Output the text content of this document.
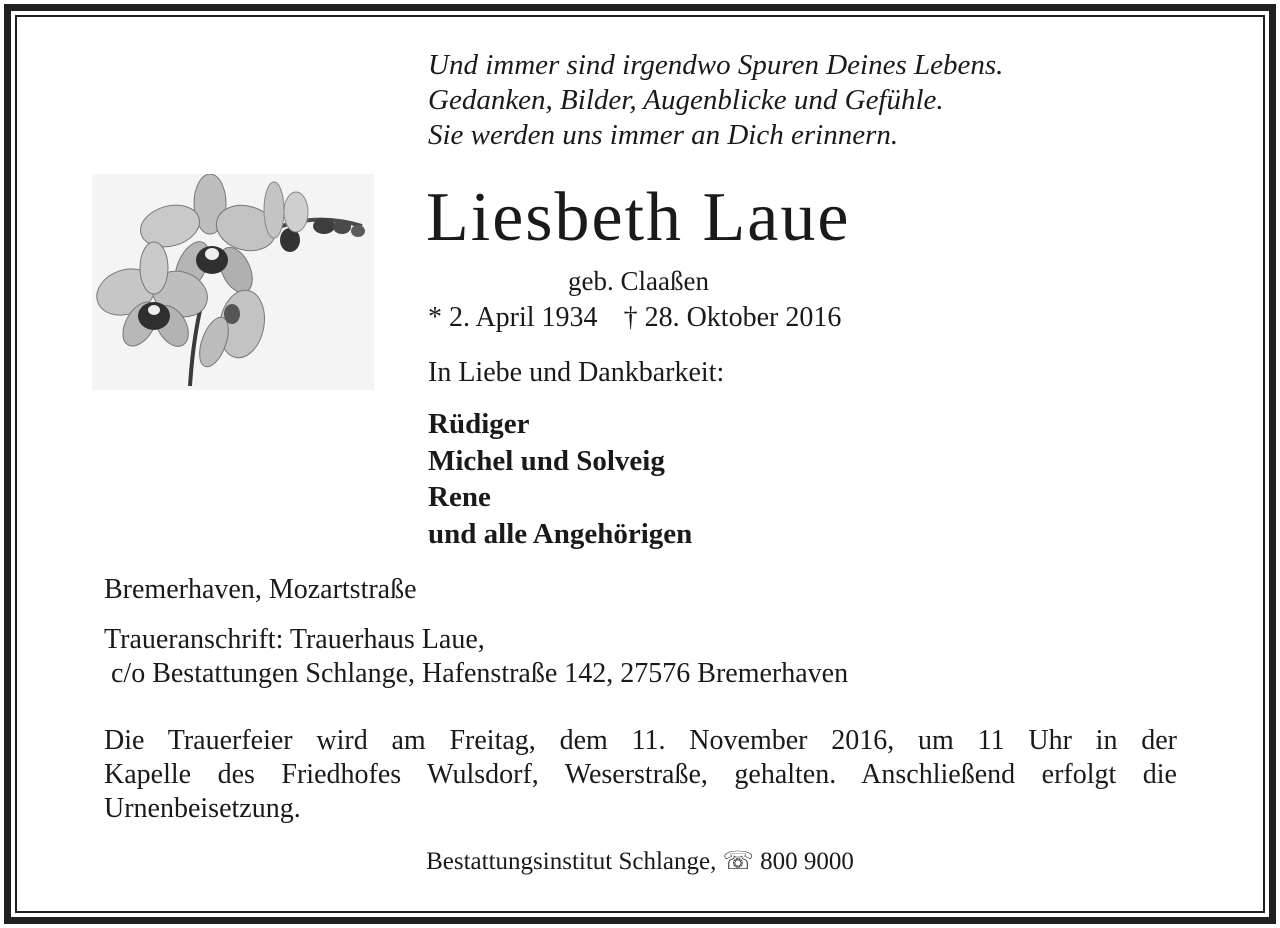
Und immer sind irgendwo Spuren Deines Lebens.
Gedanken, Bilder, Augenblicke und Gefühle.
Sie werden uns immer an Dich erinnern.
Liesbeth Laue
geb. Claaßen
* 2. April 1934 † 28. Oktober 2016
In Liebe und Dankbarkeit:
Rüdiger
Michel und Solveig
Rene
und alle Angehörigen
Bremerhaven, Mozartstraße
Traueranschrift: Trauerhaus Laue,
c/o Bestattungen Schlange, Hafenstraße 142, 27576 Bremerhaven
Die Trauerfeier wird am Freitag, dem 11. November 2016, um 11 Uhr in der
Kapelle des Friedhofes Wulsdorf, Weserstraße, gehalten. Anschließend erfolgt die
Urnenbeisetzung.
Bestattungsinstitut Schlange, ☏ 800 9000
